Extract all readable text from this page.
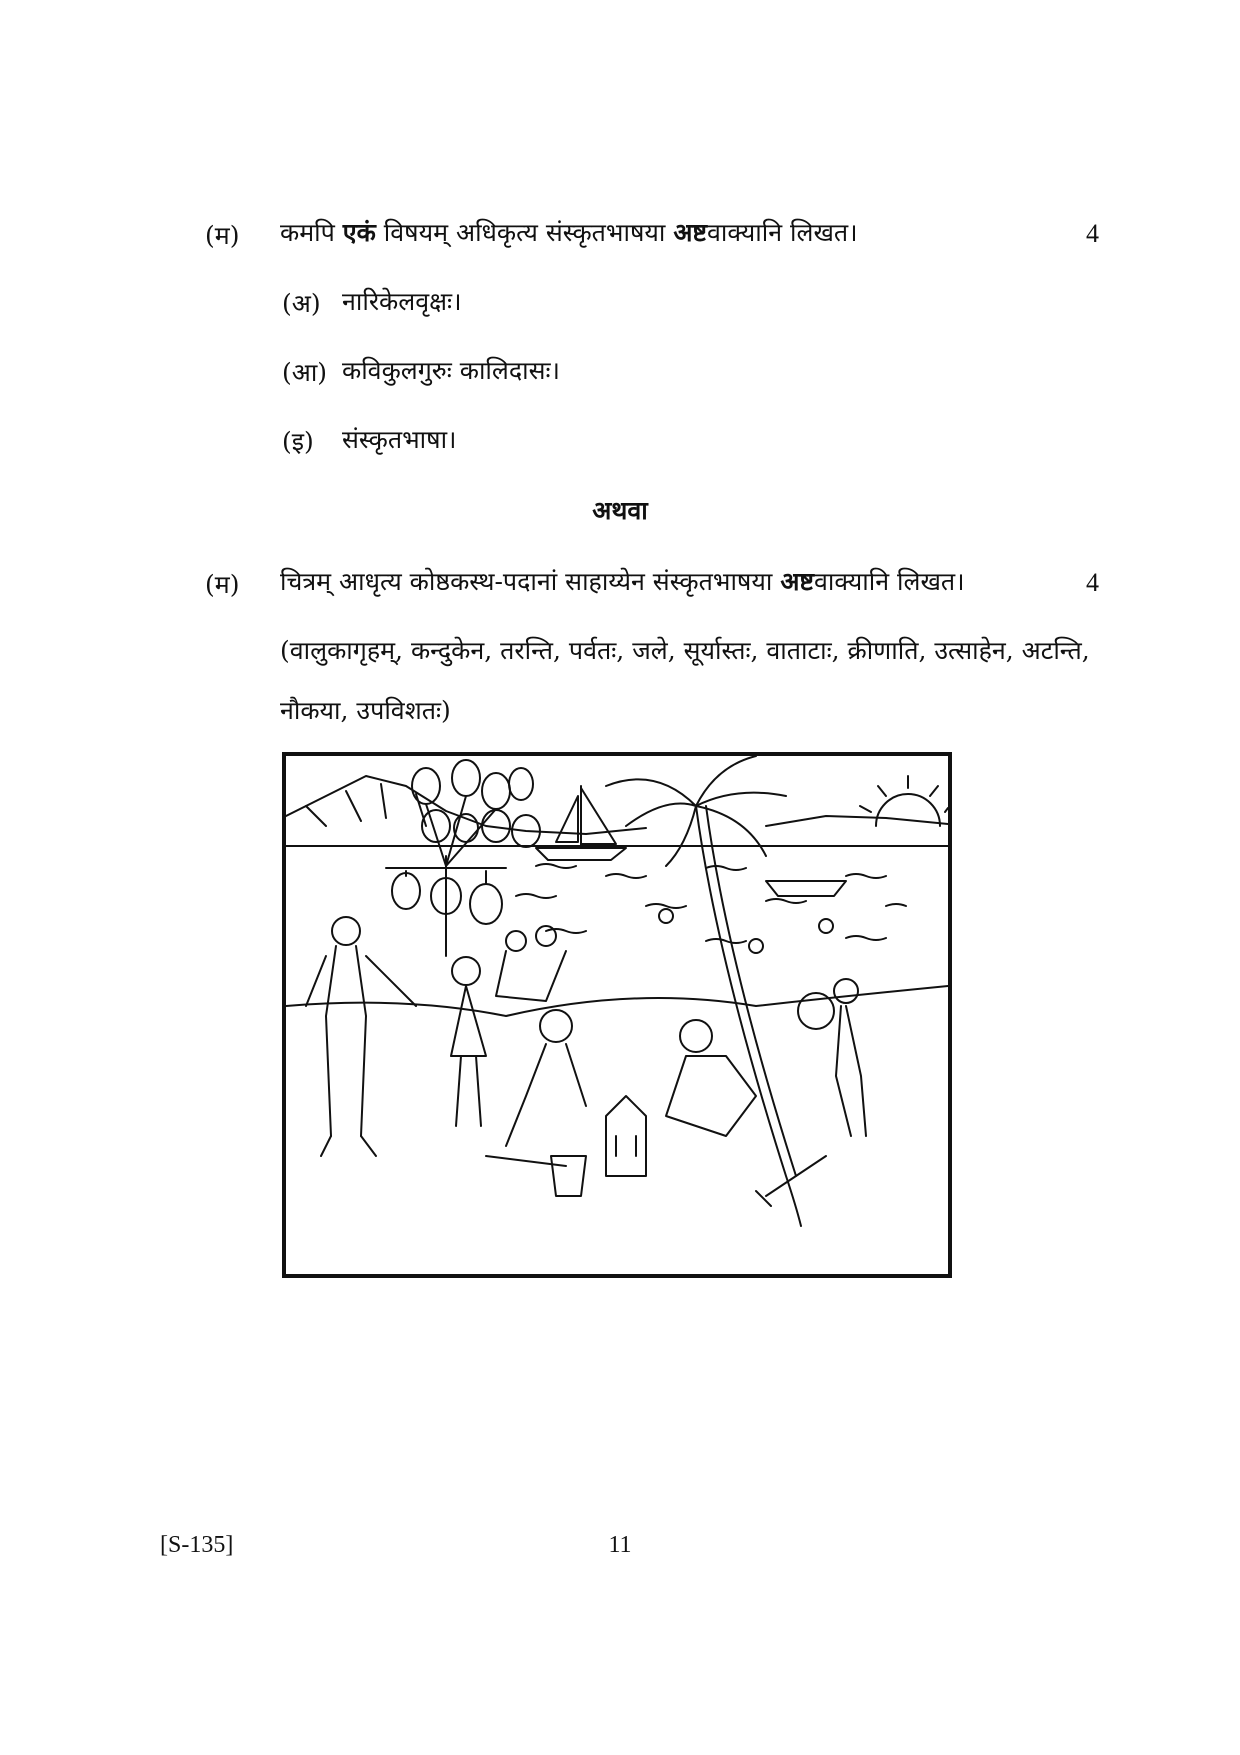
(म) कमपि एकं विषयम् अधिकृत्य संस्कृतभाषया अष्टवाक्यानि लिखत।	4
(अ) नारिकेलवृक्षः।
(आ) कविकुलगुरुः कालिदासः।
(इ) संस्कृतभाषा।
अथवा
(म) चित्रम् आधृत्य कोष्ठकस्थ-पदानां साहाय्येन संस्कृतभाषया अष्टवाक्यानि लिखत।	4
(वालुकागृहम्, कन्दुकेन, तरन्ति, पर्वतः, जले, सूर्यास्तः, वाताटाः, क्रीणाति, उत्साहेन, अटन्ति,
नौकया, उपविशतः)
[S-135]	11
